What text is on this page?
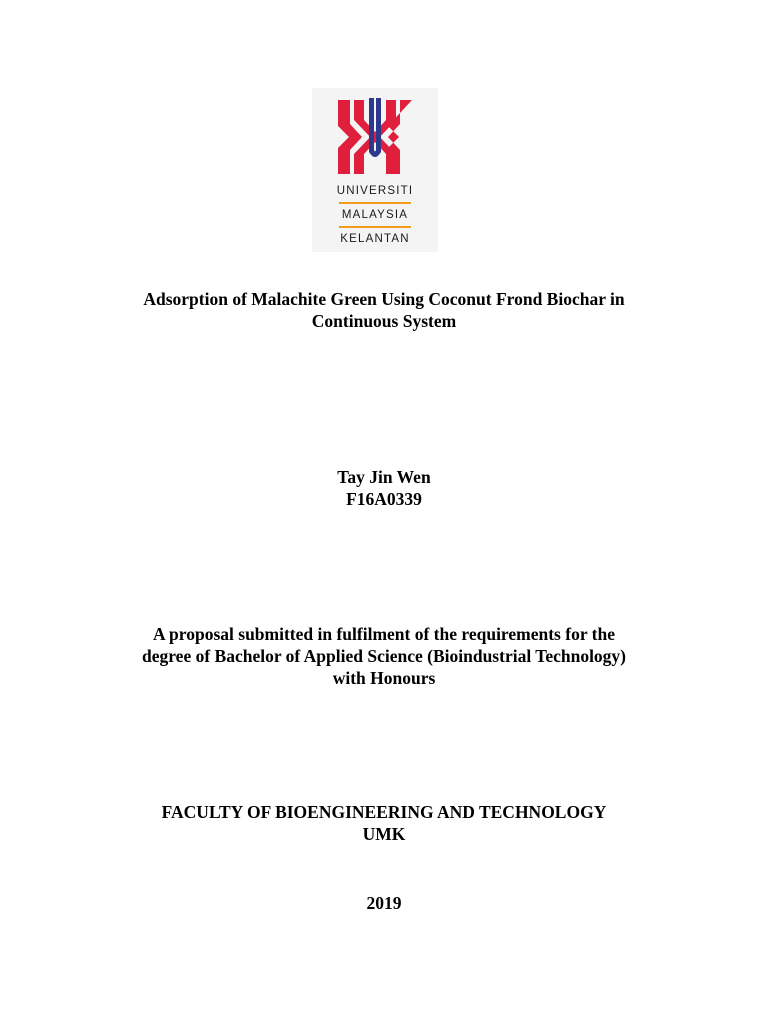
UNIVERSITI
MALAYSIA
KELANTAN
Adsorption of Malachite Green Using Coconut Frond Biochar in
Continuous System
Tay Jin Wen
F16A0339
A proposal submitted in fulfilment of the requirements for the
degree of Bachelor of Applied Science (Bioindustrial Technology)
with Honours
FACULTY OF BIOENGINEERING AND TECHNOLOGY
UMK
2019
